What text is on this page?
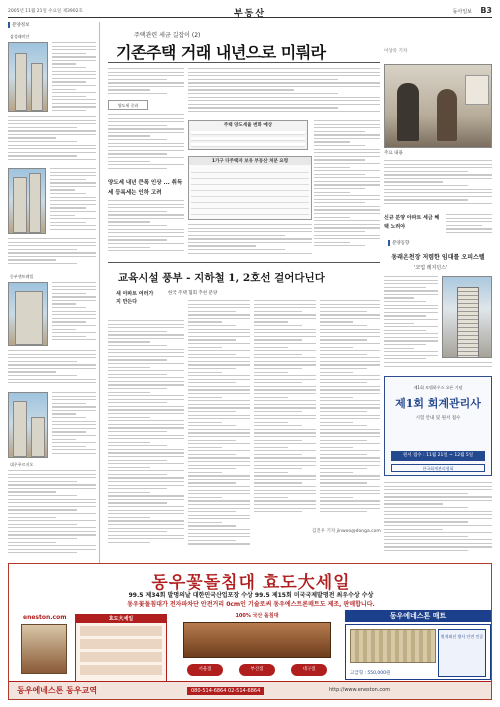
2005년 11월 21일 수요일 제3902호	부동산	동아일보 B3
분양정보
삼성래미안
동부센트레빌
대우푸르지오
주택관련 세금 길잡이 (2)
기존주택 거래 내년으로 미뤄라	이상록 기자
양도세 중과
주택 양도세율 변화 예상
1가구 다주택자 보유 부동산 처분 요령
양도세 내년 큰폭 인상 ... 취득세 등록세는 인하 고려
주요 내용
신규 분양 아파트 세금 혜택 노려야
분양동향
동래온천장 저렴한 임대를 오피스텔
'코업 레지던스'
교육시설 풍부 - 지하철 1, 2호선 걸어다닌다
새 아파트 여러가지 만든다
한국 주택 협회 추천 분양
김진우 기자 jinwoo@donga.com
제1회 모델하우스 오픈 기념
제1회 회계관리사
시험 안내 및 원서 접수
원서 접수 : 11월 21일 ~ 12월 5일
한국회계관리협회
동우꽃돌침대 효도大세일
99.5 제34회 발명의날 대한민국산업포장 수상 99.5 제15회 미국국제발명전 최우수상 수상
동우꽃돌침대가 전자파차단 안전거리 0cm인 기술로써 동우에스트론매트도 제조, 판매합니다.
eneston.com	효도大세일	100% 국산 돌침대
서울점	부산점	대구점
동우에네스톤 매트
원적외선 방사 안전 인증
고급형 : 550,000원
동우에네스톤 동우교역	080-514-6864 02-514-6864	http://www.eneston.com
